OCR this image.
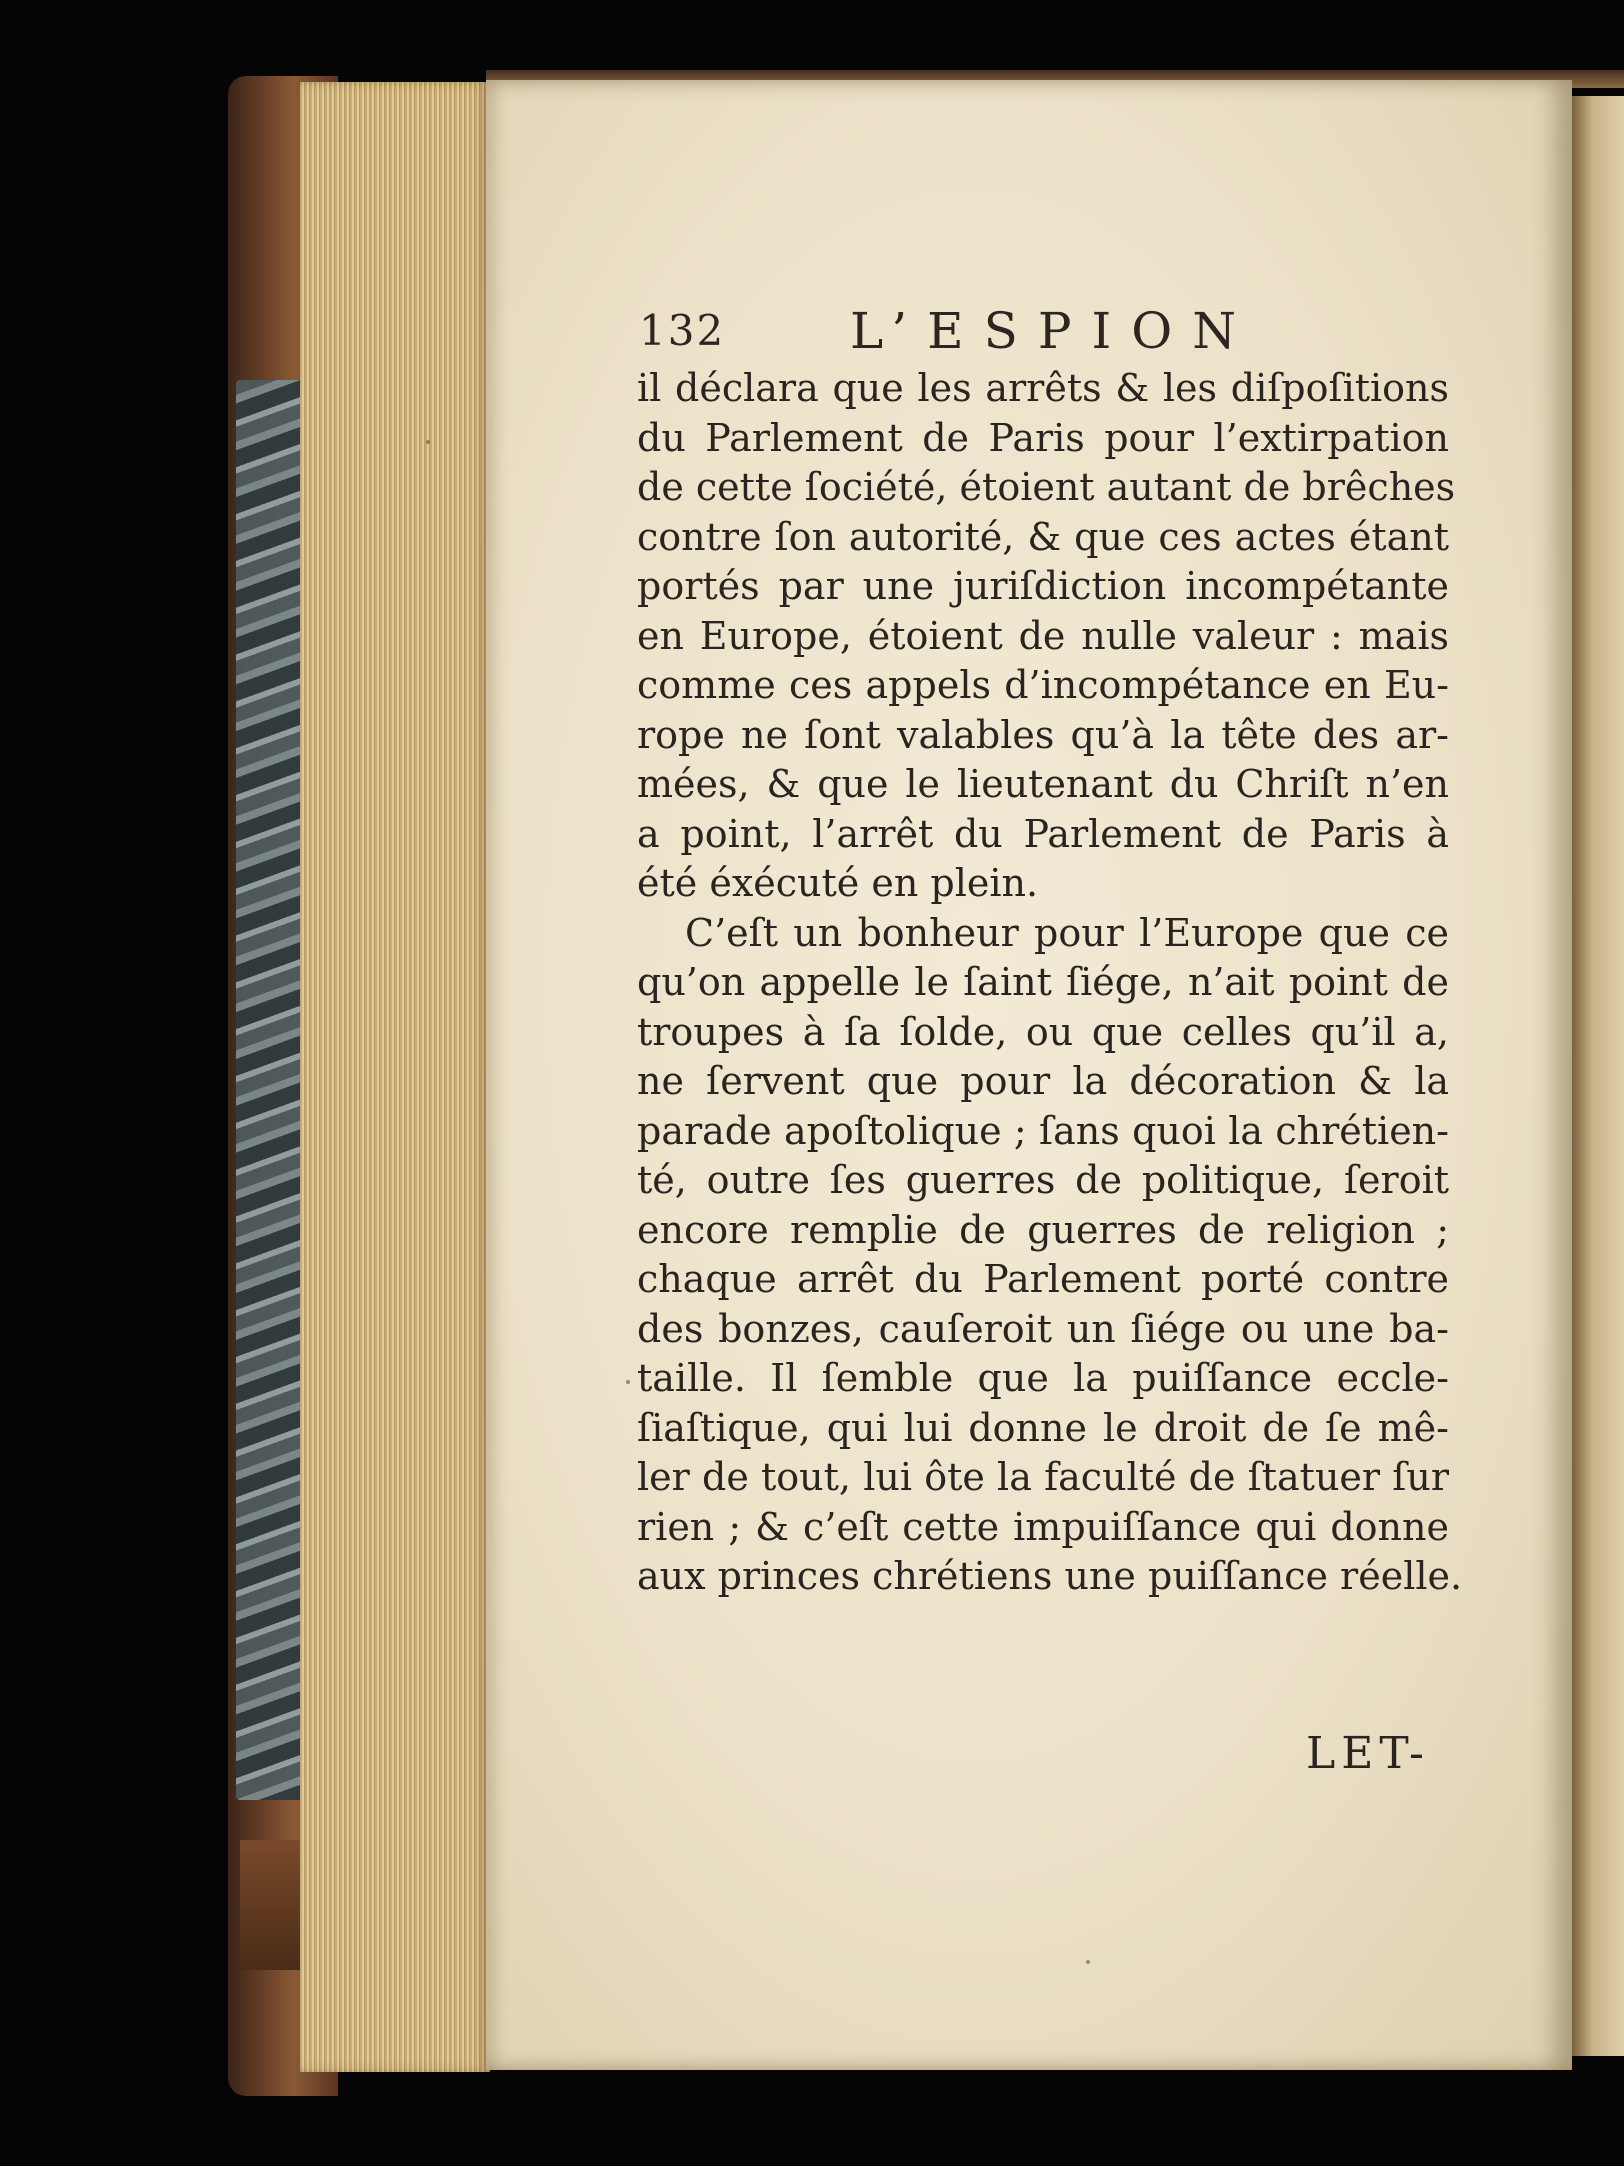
132 L’ESPION
il déclara que les arrêts & les diſpoſitions
du Parlement de Paris pour l’extirpation
de cette ſociété, étoient autant de brêches
contre ſon autorité, & que ces actes étant
portés par une juriſdiction incompétante
en Europe, étoient de nulle valeur : mais
comme ces appels d’incompétance en Eu-
rope ne ſont valables qu’à la tête des ar-
mées, & que le lieutenant du Chriſt n’en
a point, l’arrêt du Parlement de Paris à
été éxécuté en plein.
C’eſt un bonheur pour l’Europe que ce
qu’on appelle le ſaint ſiége, n’ait point de
troupes à ſa ſolde, ou que celles qu’il a,
ne ſervent que pour la décoration & la
parade apoſtolique ; ſans quoi la chrétien-
té, outre ſes guerres de politique, ſeroit
encore remplie de guerres de religion ;
chaque arrêt du Parlement porté contre
des bonzes, cauſeroit un ſiége ou une ba-
taille. Il ſemble que la puiſſance eccle-
ſiaſtique, qui lui donne le droit de ſe mê-
ler de tout, lui ôte la faculté de ſtatuer ſur
rien ; & c’eſt cette impuiſſance qui donne
aux princes chrétiens une puiſſance réelle.
LET-
